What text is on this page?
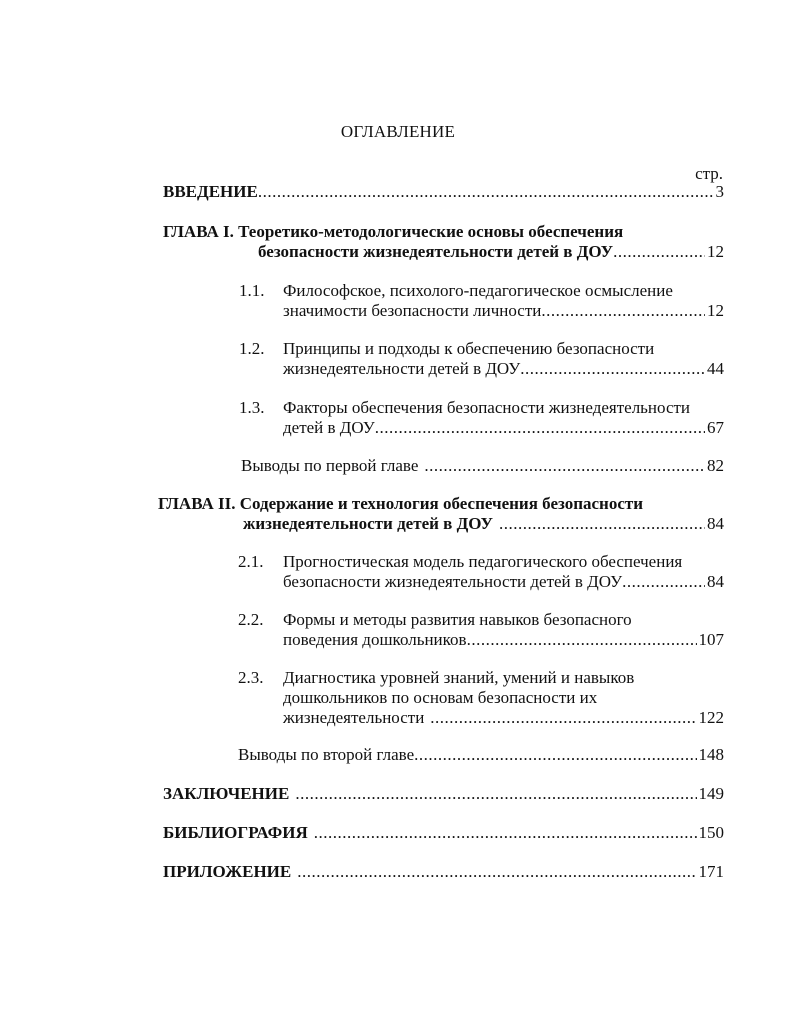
ОГЛАВЛЕНИЕ
стр.
ВВЕДЕНИЕ .....	3
ГЛАВА I.
Теоретико-методологические основы обеспечения
безопасности жизнедеятельности детей в ДОУ .....	12
1.1. Философское, психолого-педагогическое осмысление
значимости безопасности личности .....	12
1.2. Принципы и подходы к обеспечению безопасности
жизнедеятельности детей в ДОУ .....	44
1.3. Факторы обеспечения безопасности жизнедеятельности
детей в ДОУ .....	67
Выводы по первой главе .....	82
ГЛАВА II.
Содержание и технология обеспечения безопасности
жизнедеятельности детей в ДОУ .....	84
2.1. Прогностическая модель педагогического обеспечения
безопасности жизнедеятельности детей в ДОУ .....	84
2.2. Формы и методы развития навыков безопасного
поведения дошкольников .....	107
2.3. Диагностика уровней знаний, умений и навыков
дошкольников по основам безопасности их
жизнедеятельности .....	122
Выводы по второй главе .....	148
ЗАКЛЮЧЕНИЕ .....	149
БИБЛИОГРАФИЯ .....	150
ПРИЛОЖЕНИЕ .....	171
